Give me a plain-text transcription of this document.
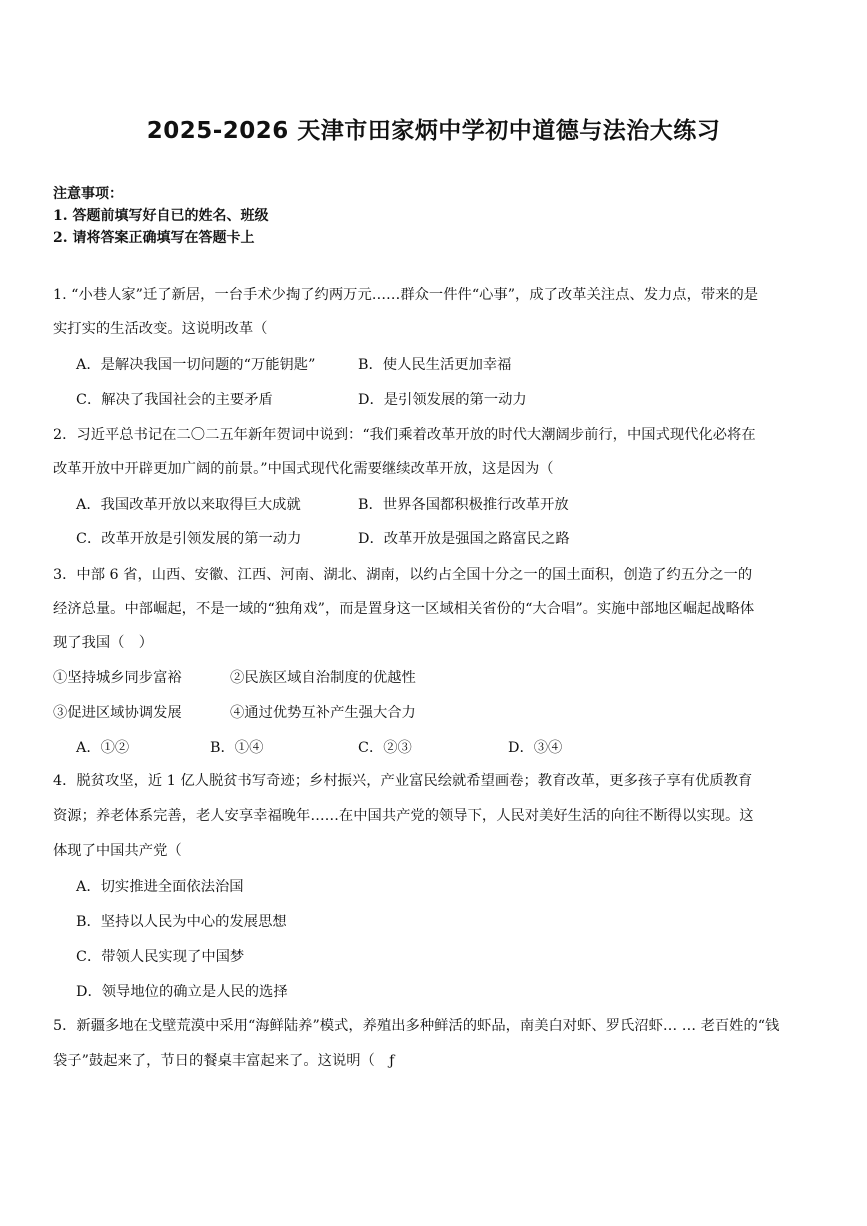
2025-2026 天津市田家炳中学初中道德与法治大练习
注意事项：
1. 答题前填写好自已的姓名、班级
2. 请将答案正确填写在答题卡上
1. “小巷人家”迁了新居，一台手术少掏了约两万元……群众一件件“心事”，成了改革关注点、发力点，带来的是
实打实的生活改变。这说明改革（
A．是解决我国一切问题的“万能钥匙”	B．使人民生活更加幸福
C．解决了我国社会的主要矛盾	D．是引领发展的第一动力
2．习近平总书记在二〇二五年新年贺词中说到：“我们乘着改革开放的时代大潮阔步前行，中国式现代化必将在
改革开放中开辟更加广阔的前景。”中国式现代化需要继续改革开放，这是因为（
A．我国改革开放以来取得巨大成就	B．世界各国都积极推行改革开放
C．改革开放是引领发展的第一动力	D．改革开放是强国之路富民之路
3．中部 6 省，山西、安徽、江西、河南、湖北、湖南，以约占全国十分之一的国土面积，创造了约五分之一的
经济总量。中部崛起，不是一域的“独角戏”，而是置身这一区域相关省份的“大合唱”。实施中部地区崛起战略体
现了我国（　）
①坚持城乡同步富裕	②民族区域自治制度的优越性
③促进区域协调发展	④通过优势互补产生强大合力
A．①②	B．①④	C．②③	D．③④
4．脱贫攻坚，近 1 亿人脱贫书写奇迹；乡村振兴，产业富民绘就希望画卷；教育改革，更多孩子享有优质教育
资源；养老体系完善，老人安享幸福晚年……在中国共产党的领导下，人民对美好生活的向往不断得以实现。这
体现了中国共产党（
A．切实推进全面依法治国
B．坚持以人民为中心的发展思想
C．带领人民实现了中国梦
D．领导地位的确立是人民的选择
5．新疆多地在戈壁荒漠中采用“海鲜陆养”模式，养殖出多种鲜活的虾品，南美白对虾、罗氏沼虾… … 老百姓的“钱
袋子”鼓起来了，节日的餐桌丰富起来了。这说明（　ƒ
